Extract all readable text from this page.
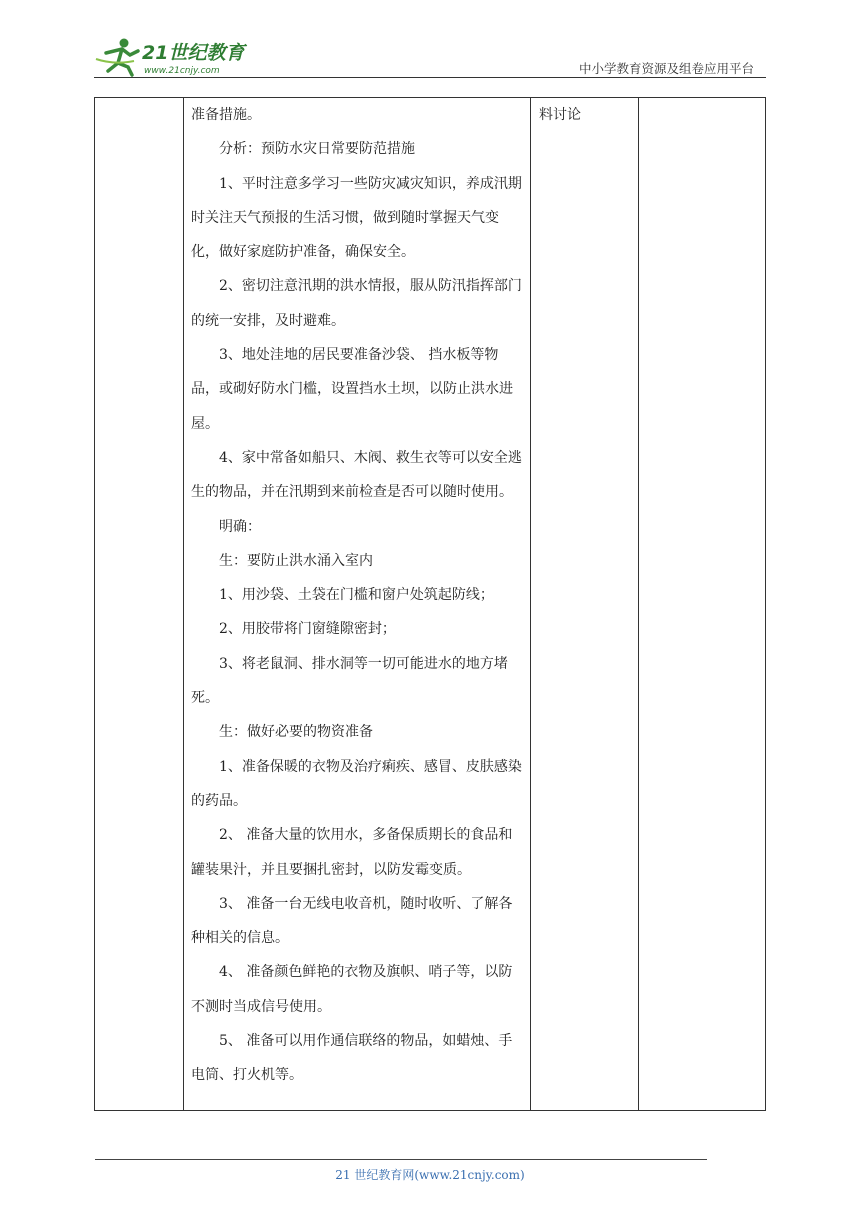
21世纪教育
www.21cnjy.com	中小学教育资源及组卷应用平台

准备措施。

分析：预防水灾日常要防范措施

1、平时注意多学习一些防灾减灾知识，养成汛期时关注天气预报的生活习惯，做到随时掌握天气变化，做好家庭防护准备，确保安全。

2、密切注意汛期的洪水情报，服从防汛指挥部门的统一安排，及时避难。

3、地处洼地的居民要准备沙袋、 挡水板等物品，或砌好防水门槛，设置挡水土坝，以防止洪水进屋。

4、家中常备如船只、木阀、救生衣等可以安全逃生的物品，并在汛期到来前检查是否可以随时使用。

明确：

生：要防止洪水涌入室内

1、用沙袋、土袋在门槛和窗户处筑起防线；

2、用胶带将门窗缝隙密封；

3、将老鼠洞、排水洞等一切可能进水的地方堵死。

生：做好必要的物资准备

1、准备保暖的衣物及治疗痢疾、感冒、皮肤感染的药品。

2、 准备大量的饮用水，多备保质期长的食品和罐装果汁，并且要捆扎密封，以防发霉变质。

3、 准备一台无线电收音机，随时收听、了解各种相关的信息。

4、 准备颜色鲜艳的衣物及旗帜、哨子等，以防不测时当成信号使用。

5、 准备可以用作通信联络的物品，如蜡烛、手电筒、打火机等。

料讨论
21 世纪教育网(www.21cnjy.com)
